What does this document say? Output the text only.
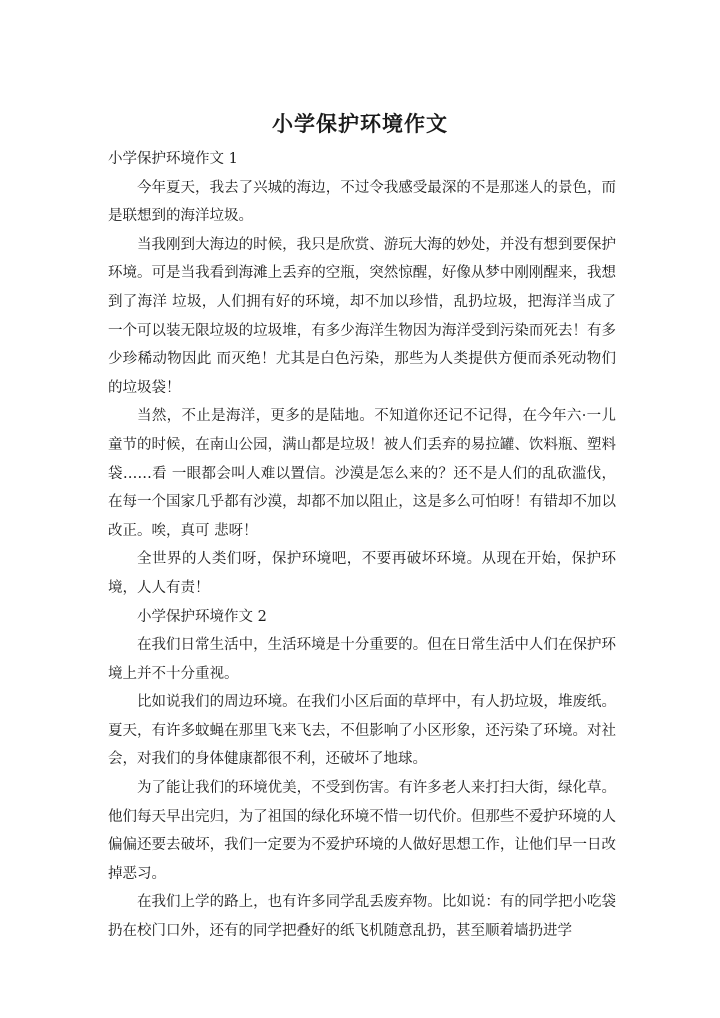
小学保护环境作文
小学保护环境作文 1

今年夏天，我去了兴城的海边，不过令我感受最深的不是那迷人的景色，而是联想到的海洋垃圾。

当我刚到大海边的时候，我只是欣赏、游玩大海的妙处，并没有想到要保护环境。可是当我看到海滩上丢弃的空瓶，突然惊醒，好像从梦中刚刚醒来，我想到了海洋 垃圾，人们拥有好的环境，却不加以珍惜，乱扔垃圾，把海洋当成了一个可以装无限垃圾的垃圾堆，有多少海洋生物因为海洋受到污染而死去！有多少珍稀动物因此 而灭绝！尤其是白色污染，那些为人类提供方便而杀死动物们的垃圾袋！

当然，不止是海洋，更多的是陆地。不知道你还记不记得，在今年六·一儿童节的时候，在南山公园，满山都是垃圾！被人们丢弃的易拉罐、饮料瓶、塑料袋……看 一眼都会叫人难以置信。沙漠是怎么来的？还不是人们的乱砍滥伐，在每一个国家几乎都有沙漠，却都不加以阻止，这是多么可怕呀！有错却不加以改正。唉，真可 悲呀！

全世界的人类们呀，保护环境吧，不要再破坏环境。从现在开始，保护环境，人人有责！

小学保护环境作文 2

在我们日常生活中，生活环境是十分重要的。但在日常生活中人们在保护环境上并不十分重视。

比如说我们的周边环境。在我们小区后面的草坪中，有人扔垃圾，堆废纸。夏天，有许多蚊蝇在那里飞来飞去，不但影响了小区形象，还污染了环境。对社会，对我们的身体健康都很不利，还破坏了地球。

为了能让我们的环境优美，不受到伤害。有许多老人来打扫大街，绿化草。他们每天早出完归，为了祖国的绿化环境不惜一切代价。但那些不爱护环境的人偏偏还要去破坏，我们一定要为不爱护环境的人做好思想工作，让他们早一日改掉恶习。

在我们上学的路上，也有许多同学乱丢废弃物。比如说：有的同学把小吃袋扔在校门口外，还有的同学把叠好的纸飞机随意乱扔，甚至顺着墙扔进学
